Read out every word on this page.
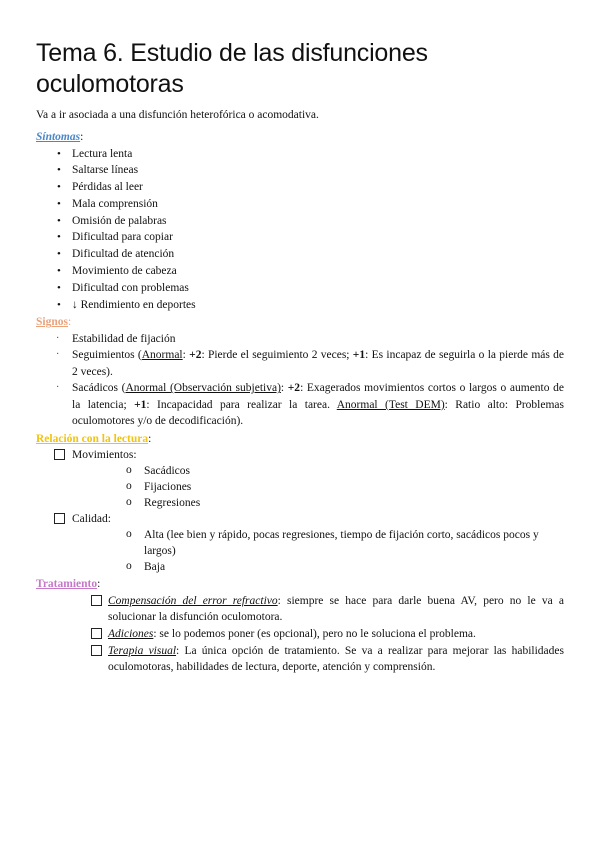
Tema 6. Estudio de las disfunciones oculomotoras
Va a ir asociada a una disfunción heterofórica o acomodativa.
Síntomas:
• Lectura lenta
• Saltarse líneas
• Pérdidas al leer
• Mala comprensión
• Omisión de palabras
• Dificultad para copiar
• Dificultad de atención
• Movimiento de cabeza
• Dificultad con problemas
• ↓ Rendimiento en deportes
Signos:
· Estabilidad de fijación
· Seguimientos (Anormal: +2: Pierde el seguimiento 2 veces; +1: Es incapaz de seguirla o la pierde más de 2 veces).
· Sacádicos (Anormal (Observación subjetiva): +2: Exagerados movimientos cortos o largos o aumento de la latencia; +1: Incapacidad para realizar la tarea. Anormal (Test DEM): Ratio alto: Problemas oculomotores y/o de decodificación).
Relación con la lectura:
Movimientos:
o Sacádicos
o Fijaciones
o Regresiones
Calidad:
o Alta (lee bien y rápido, pocas regresiones, tiempo de fijación corto, sacádicos pocos y largos)
o Baja
Tratamiento:
Compensación del error refractivo: siempre se hace para darle buena AV, pero no le va a solucionar la disfunción oculomotora.
Adiciones: se lo podemos poner (es opcional), pero no le soluciona el problema.
Terapia visual: La única opción de tratamiento. Se va a realizar para mejorar las habilidades oculomotoras, habilidades de lectura, deporte, atención y comprensión.
